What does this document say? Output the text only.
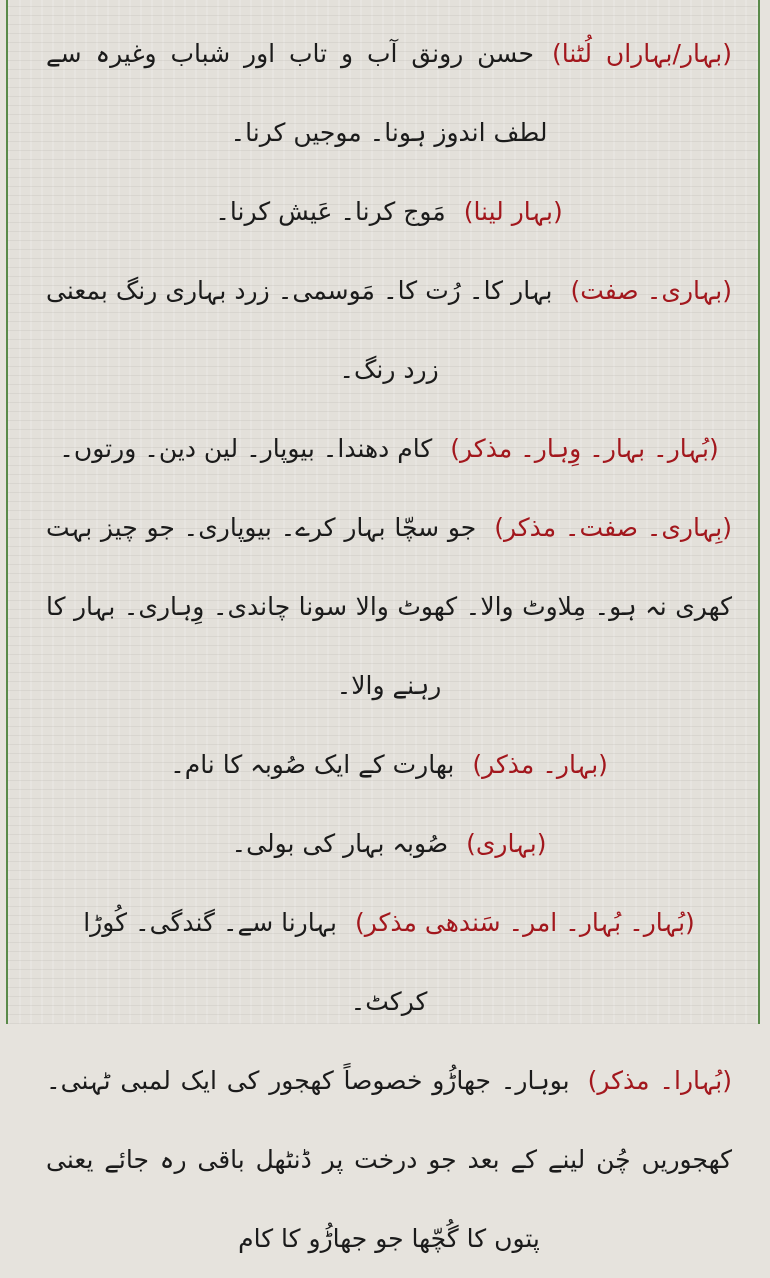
(بہار/بہاراں لُٹنا)حسن رونق آب و تاب اور شباب وغیرہ سے لطف اندوز ہونا۔ موجیں کرنا۔

(بہار لینا)مَوج کرنا۔ عَیش کرنا۔

(بہاری۔ صفت)بہار کا۔ رُت کا۔ مَوسمی۔ زرد بہاری رنگ بمعنی زرد رنگ۔

(بُہار۔ بہار۔ وِہار۔ مذکر)کام دھندا۔ بیوپار۔ لین دین۔ ورتوں۔

(بِہاری۔ صفت۔ مذکر)جو سچّا بہار کرے۔ بیوپاری۔ جو چیز بہت کھری نہ ہو۔ مِلاوٹ والا۔ کھوٹ والا سونا چاندی۔ وِہاری۔ بہار کا رہنے والا۔

(بہار۔ مذکر)بھارت کے ایک صُوبہ کا نام۔

(بہاری)صُوبہ بہار کی بولی۔

(بُہار۔ بُہار۔ امر۔ سَندھی مذکر)بہارنا سے۔ گندگی۔ کُوڑا کرکٹ۔

(بُہارا۔ مذکر)بوہار۔ جھاڑُو خصوصاً کھجور کی ایک لمبی ٹہنی۔ کھجوریں چُن لینے کے بعد جو درخت پر ڈنٹھل باقی رہ جائے یعنی پتوں کا گُچّھا جو جھاڑُو کا کام
